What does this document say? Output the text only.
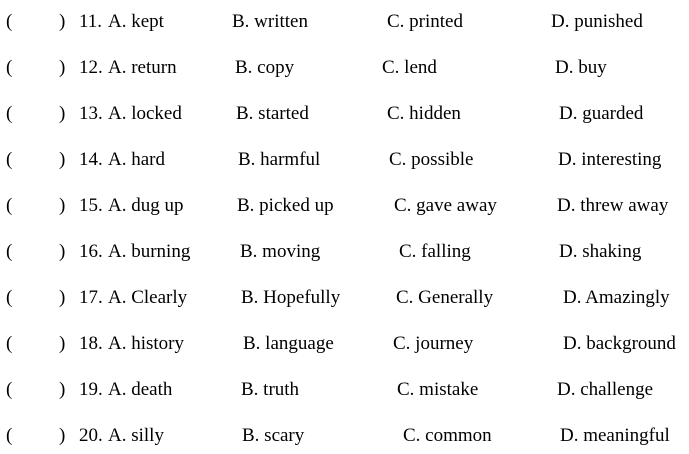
( ) 11. A. kept	B. written	C. printed	D. punished
( ) 12. A. return	B. copy	C. lend	D. buy
( ) 13. A. locked	B. started	C. hidden	D. guarded
( ) 14. A. hard	B. harmful	C. possible	D. interesting
( ) 15. A. dug up	B. picked up	C. gave away	D. threw away
( ) 16. A. burning	B. moving	C. falling	D. shaking
( ) 17. A. Clearly	B. Hopefully	C. Generally	D. Amazingly
( ) 18. A. history	B. language	C. journey	D. background
( ) 19. A. death	B. truth	C. mistake	D. challenge
( ) 20. A. silly	B. scary	C. common	D. meaningful
